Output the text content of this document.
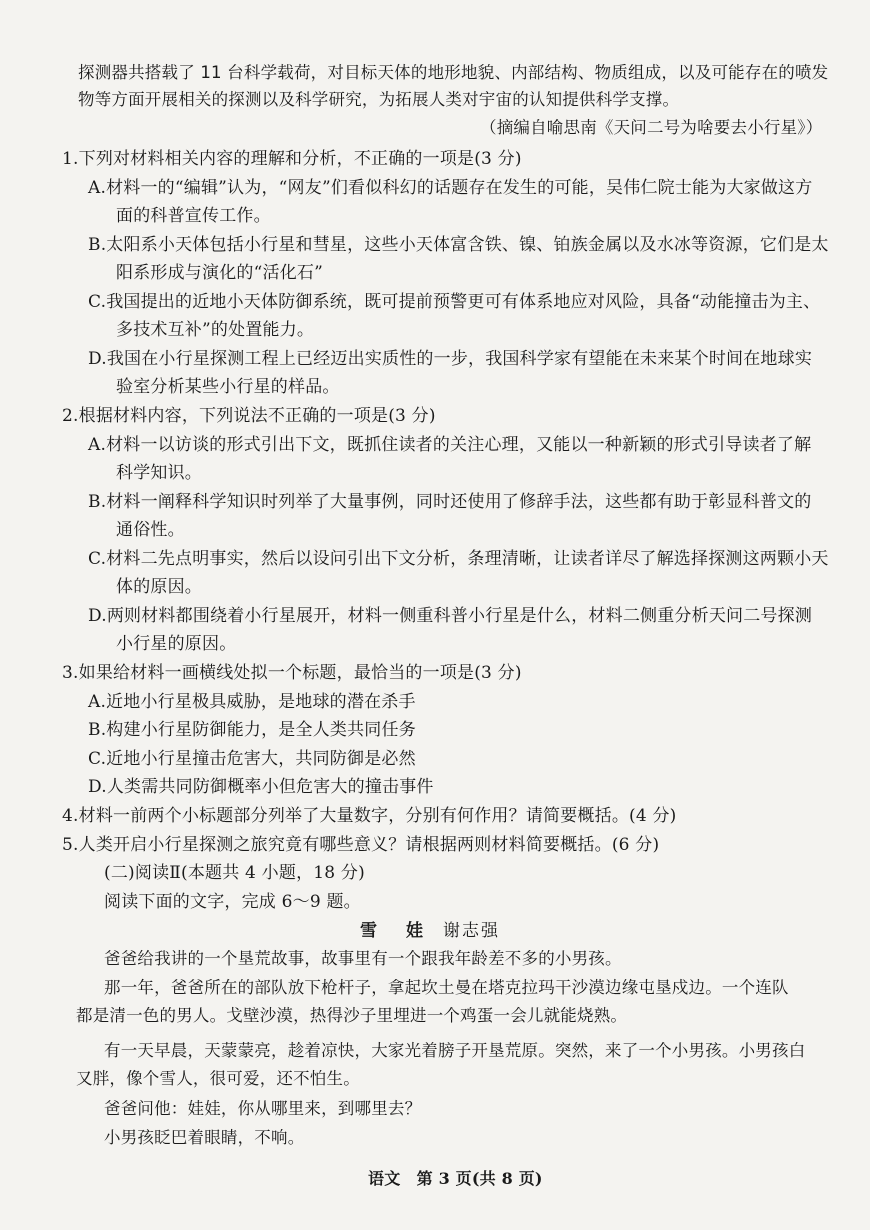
探测器共搭载了 11 台科学载荷，对目标天体的地形地貌、内部结构、物质组成，以及可能存在的喷发
物等方面开展相关的探测以及科学研究，为拓展人类对宇宙的认知提供科学支撑。
（摘编自喻思南《天问二号为啥要去小行星》）
1.下列对材料相关内容的理解和分析，不正确的一项是(3 分)
A.材料一的“编辑”认为，“网友”们看似科幻的话题存在发生的可能，吴伟仁院士能为大家做这方
面的科普宣传工作。
B.太阳系小天体包括小行星和彗星，这些小天体富含铁、镍、铂族金属以及水冰等资源，它们是太
阳系形成与演化的“活化石”
C.我国提出的近地小天体防御系统，既可提前预警更可有体系地应对风险，具备“动能撞击为主、
多技术互补”的处置能力。
D.我国在小行星探测工程上已经迈出实质性的一步，我国科学家有望能在未来某个时间在地球实
验室分析某些小行星的样品。
2.根据材料内容，下列说法不正确的一项是(3 分)
A.材料一以访谈的形式引出下文，既抓住读者的关注心理，又能以一种新颖的形式引导读者了解
科学知识。
B.材料一阐释科学知识时列举了大量事例，同时还使用了修辞手法，这些都有助于彰显科普文的
通俗性。
C.材料二先点明事实，然后以设问引出下文分析，条理清晰，让读者详尽了解选择探测这两颗小天
体的原因。
D.两则材料都围绕着小行星展开，材料一侧重科普小行星是什么，材料二侧重分析天问二号探测
小行星的原因。
3.如果给材料一画横线处拟一个标题，最恰当的一项是(3 分)
A.近地小行星极具威胁，是地球的潜在杀手
B.构建小行星防御能力，是全人类共同任务
C.近地小行星撞击危害大，共同防御是必然
D.人类需共同防御概率小但危害大的撞击事件
4.材料一前两个小标题部分列举了大量数字，分别有何作用？请简要概括。(4 分)
5.人类开启小行星探测之旅究竟有哪些意义？请根据两则材料简要概括。(6 分)
(二)阅读Ⅱ(本题共 4 小题，18 分)
阅读下面的文字，完成 6～9 题。
雪　娃 谢志强
爸爸给我讲的一个垦荒故事，故事里有一个跟我年龄差不多的小男孩。
那一年，爸爸所在的部队放下枪杆子，拿起坎土曼在塔克拉玛干沙漠边缘屯垦戍边。一个连队
都是清一色的男人。戈壁沙漠，热得沙子里埋进一个鸡蛋一会儿就能烧熟。
有一天早晨，天蒙蒙亮，趁着凉快，大家光着膀子开垦荒原。突然，来了一个小男孩。小男孩白
又胖，像个雪人，很可爱，还不怕生。
爸爸问他：娃娃，你从哪里来，到哪里去？
小男孩眨巴着眼睛，不响。
语文　第 3 页(共 8 页)
